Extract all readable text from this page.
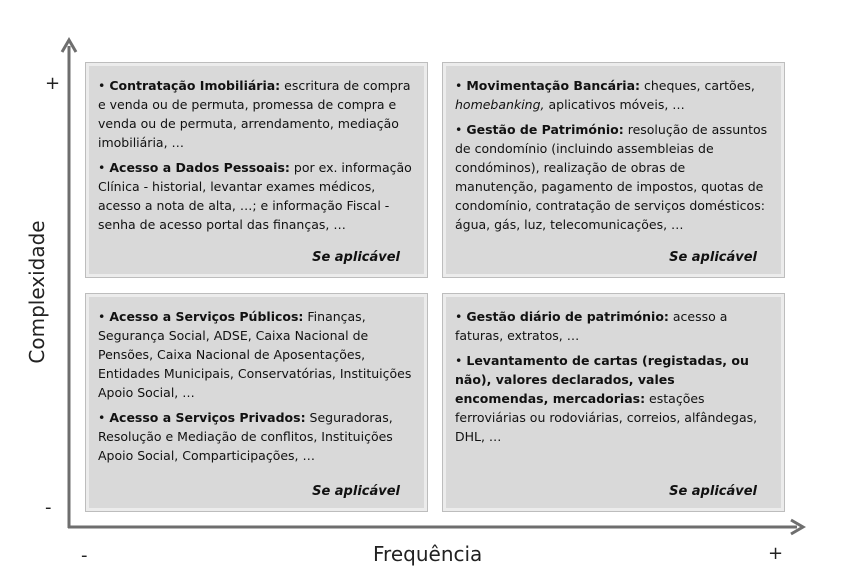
Complexidade
Frequência
+
-
-	+
• Contratação Imobiliária: escritura de compra e venda ou de permuta, promessa de compra e venda ou de permuta, arrendamento, mediação imobiliária, …
• Acesso a Dados Pessoais: por ex. informação Clínica - historial, levantar exames médicos, acesso a nota de alta, …; e informação Fiscal - senha de acesso portal das finanças, …
Se aplicável
• Movimentação Bancária: cheques, cartões, homebanking, aplicativos móveis, …
• Gestão de Património: resolução de assuntos de condomínio (incluindo assembleias de condóminos), realização de obras de manutenção, pagamento de impostos, quotas de condomínio, contratação de serviços domésticos: água, gás, luz, telecomunicações, …
Se aplicável
• Acesso a Serviços Públicos: Finanças, Segurança Social, ADSE, Caixa Nacional de Pensões, Caixa Nacional de Aposentações, Entidades Municipais, Conservatórias, Instituições Apoio Social, …
• Acesso a Serviços Privados: Seguradoras, Resolução e Mediação de conflitos, Instituições Apoio Social, Comparticipações, …
Se aplicável
• Gestão diário de património: acesso a faturas, extratos, …
• Levantamento de cartas (registadas, ou não), valores declarados, vales encomendas, mercadorias: estações ferroviárias ou rodoviárias, correios, alfândegas, DHL, …
Se aplicável
